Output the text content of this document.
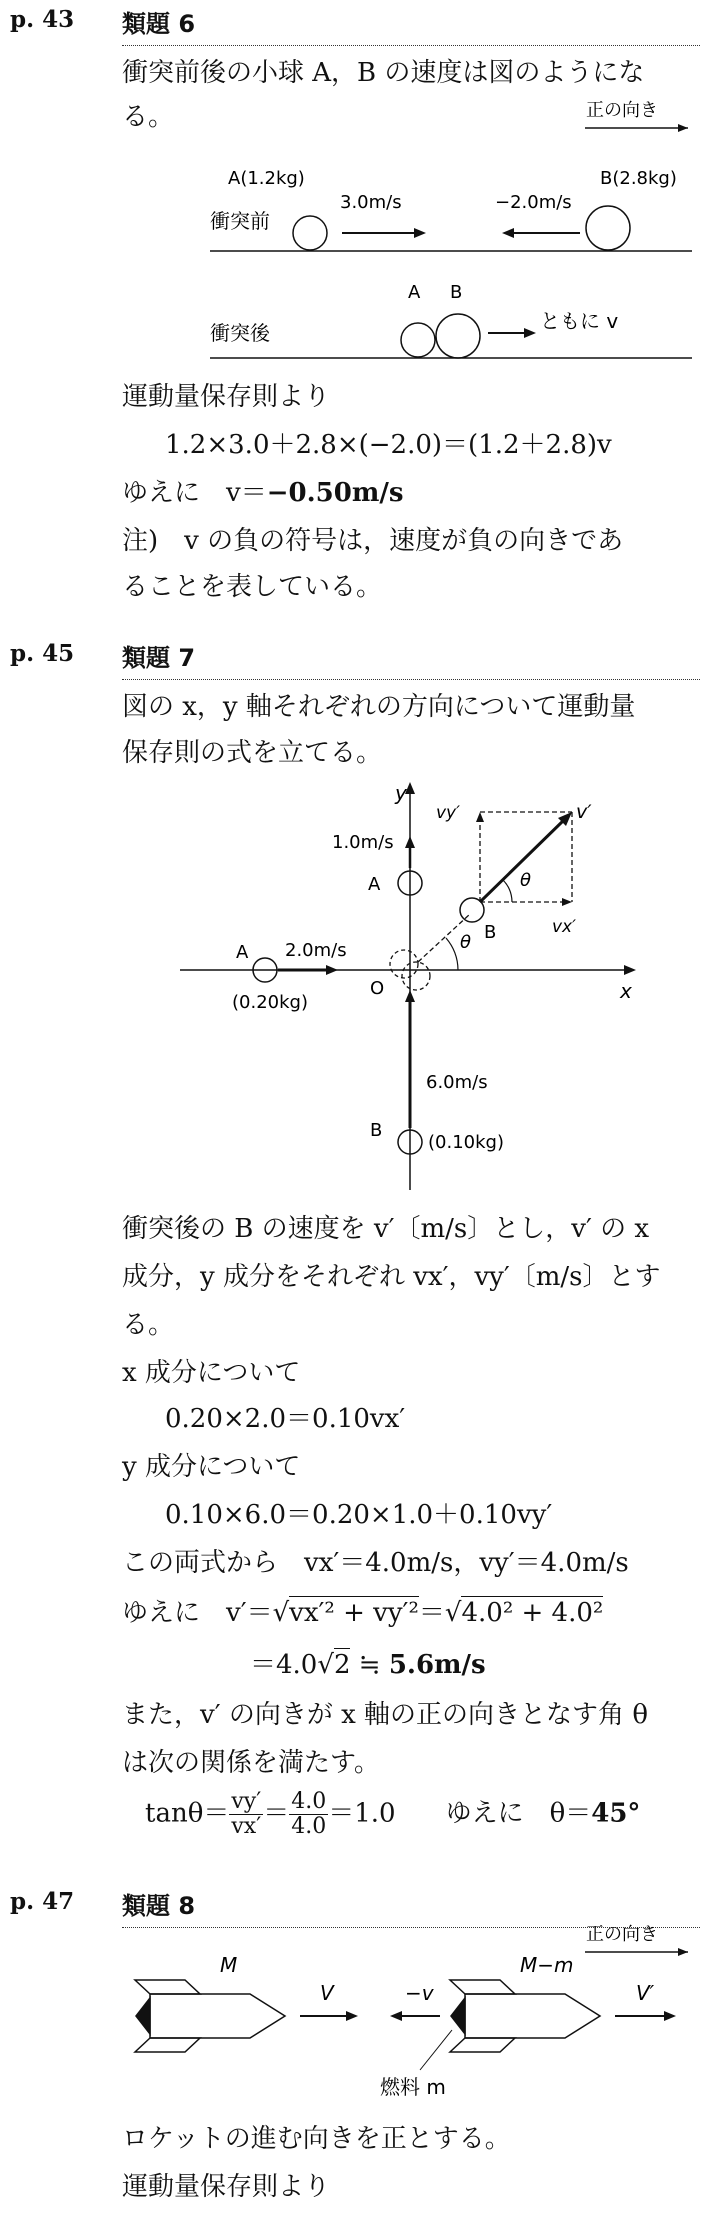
p. 43 類題 6
衝突前後の小球 A，B の速度は図のようにな
る。	正の向き
A(1.2kg)	B(2.8kg)
3.0m/s	−2.0m/s
衝突前
A B
衝突後	ともに v
運動量保存則より
1.2×3.0＋2.8×(−2.0)＝(1.2＋2.8)v
ゆえに　v＝−0.50m/s
注)　v の負の符号は，速度が負の向きであ
ることを表している。
p. 45 類題 7
図の x，y 軸それぞれの方向について運動量
保存則の式を立てる。
y
x
O
1.0m/s
A
vy′	v′
vx′
θ
θ B
A 2.0m/s
(0.20kg)
6.0m/s
B
(0.10kg)
衝突後の B の速度を v′〔m/s〕とし，v′ の x
成分，y 成分をそれぞれ vx′，vy′〔m/s〕とす
る。
x 成分について
0.20×2.0＝0.10vx′
y 成分について
0.10×6.0＝0.20×1.0＋0.10vy′
この両式から　vx′＝4.0m/s，vy′＝4.0m/s
ゆえに　v′＝√vx′² + vy′²＝√4.0² + 4.0²
＝4.0√2 ≒ 5.6m/s
また，v′ の向きが x 軸の正の向きとなす角 θ
は次の関係を満たす。
$\tan\theta= \frac{vy'}{vx'} = \frac{4.0}{4.0} =1.0$ ゆえに　θ＝45°
p. 47 類題 8
正の向き
M
V	−v
M−m
V′
燃料 m
ロケットの進む向きを正とする。
運動量保存則より
